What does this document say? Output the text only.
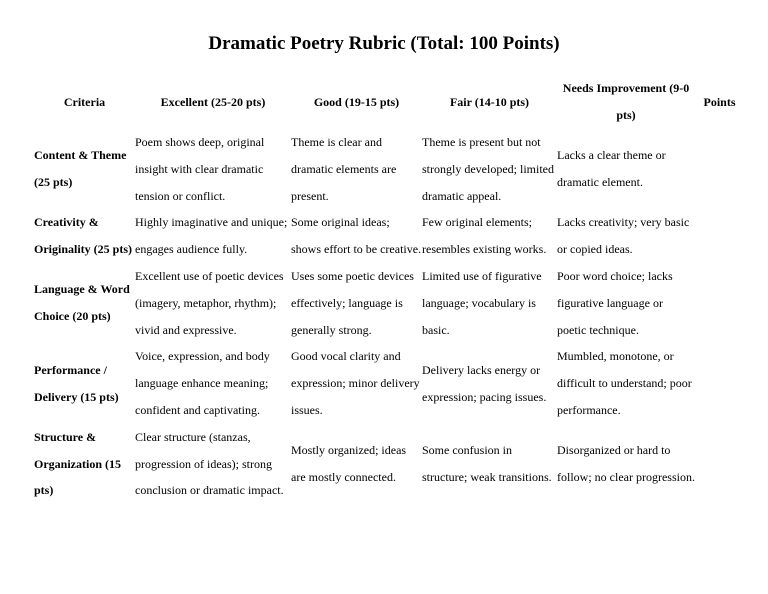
Dramatic Poetry Rubric (Total: 100 Points)
Criteria	Excellent (25-20 pts)	Good (19-15 pts)	Fair (14-10 pts)	Needs Improvement (9-0 pts)	Points
Content & Theme (25 pts)	Poem shows deep, original insight with clear dramatic tension or conflict.	Theme is clear and dramatic elements are present.	Theme is present but not strongly developed; limited dramatic appeal.	Lacks a clear theme or dramatic element.	
Creativity & Originality (25 pts)	Highly imaginative and unique; engages audience fully.	Some original ideas; shows effort to be creative.	Few original elements; resembles existing works.	Lacks creativity; very basic or copied ideas.	
Language & Word Choice (20 pts)	Excellent use of poetic devices (imagery, metaphor, rhythm); vivid and expressive.	Uses some poetic devices effectively; language is generally strong.	Limited use of figurative language; vocabulary is basic.	Poor word choice; lacks figurative language or poetic technique.	
Performance / Delivery (15 pts)	Voice, expression, and body language enhance meaning; confident and captivating.	Good vocal clarity and expression; minor delivery issues.	Delivery lacks energy or expression; pacing issues.	Mumbled, monotone, or difficult to understand; poor performance.	
Structure & Organization (15 pts)	Clear structure (stanzas, progression of ideas); strong conclusion or dramatic impact.	Mostly organized; ideas are mostly connected.	Some confusion in structure; weak transitions.	Disorganized or hard to follow; no clear progression.	
